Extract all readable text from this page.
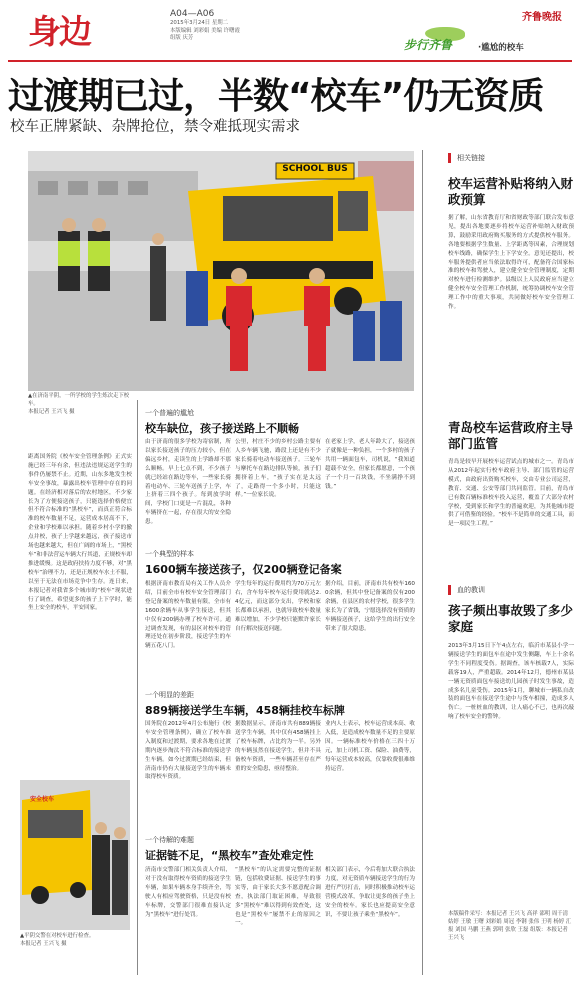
身边	A04—A06
2015年3月24日 星期二
本版编辑 刘彩娟 美编 许曙霞
组版 庆芳
齐鲁晚报
步行齐鲁	·尴尬的校车
过渡期已过，半数“校车”仍无资质
校车正牌紧缺、杂牌抢位，禁令难抵现实需求
SCHOOL BUS
▲在济南平阴，一所学校的学生炼次走下校车。
本报记者 王兴飞 摄
距离国务院《校车安全管理条例》正式实施已经三年有余，但违法违规运送学生的事件仍屡禁不止。近期，山东多地发生校车安全事故，暴露出校车管理中存在的问题。在经济相对落后的农村地区，不少家长为了方便接送孩子，只能选择价格便宜但不符合标准的“黑校车”，而真正符合标准的校车数量不足，运营成本居高不下，企业和学校难以承担。随着乡村小学的撤点并校，孩子上学越来越远，孩子接送市场也越来越大，但在广阔的市场上，“黑校车”和非法营运车辆大行其道，正规校车却推进缓慢。这是政府扶持力度不够，对“黑校车”治理不力，还是正规校车水土不服，以至于无法在市场竞争中生存。连日来，本报记者对我省多个城市的“校车”现状进行了调查，希望更多的孩子上下学时，能坐上安全的校车，平安回家。
安全校车
▲平阴交警在对校车进行检查。
本报记者 王兴飞 摄
一个普遍的尴尬
校车缺位，孩子接送路上不顺畅
由于济南的很多学校为寄宿制，所以家长接送孩子的压力较小，但在偏远乡村，走读生的上学路却不那么顺畅。早上七点不到，不少孩子就已经站在路边等车，一些家长骑着电动车、三轮车送孩子上学，车上挤着三四个孩子。每到放学时间，学校门口更是一片混乱，各种车辆挤在一起，存在很大的安全隐患。
公里，村庄不少的乡村公路主要有人乡车辆飞驰，路段上还是有不少家长骑着电动车接送孩子。三轮车与摩托车在路边排队等候，孩子们拥挤着上车，“孩子实在是太远了，走路得一个多小时，只能这样。”一位家长说。
在老家上学，老人年龄大了，接送孩子就像是一种负担，一个多村的孩子共用一辆面包车，司机说，“我知道超载不安全，但家长都愿意，一个孩子一个月一百块钱，不坐满挣不到钱。”
一个典型的样本
1600辆车接送孩子，仅200辆登记备案
根据济南市教育局有关工作人员介绍，目前全市有校车安全管理部门登记备案的校车数量有限，全市有1600余辆车从事学生接送，但其中仅有200辆办理了校车许可。通过调查发现，有的县区对校车的管理还处在初步阶段，接送学生的车辆五花八门。
学生每年的运行费用约为70万元左右，含车每年校车运行费用就达2.4亿元，而这部分支出，学校和家长都难以承担，也就导致校车数量难以增加，不少学校只能默许家长自行解决接送问题。
据介绍，目前，济南市共有校车1600余辆，但其中登记备案的仅有200余辆，在县区的农村学校，很多学生家长为了省钱，宁愿选择没有资质的车辆接送孩子，这给学生的出行安全带来了很大隐患。
一个明显的差距
889辆接送学生车辆，458辆挂校车标牌
国务院在2012年4月公布施行《校车安全管理条例》，确立了校车准入制度和过渡期，要求各地在过渡期内逐步淘汰不符合标准的接送学生车辆。如今过渡期已经结束，但济南市仍有大量接送学生的车辆未取得校车资质。
据数据显示，济南市共有889辆接送学生车辆，其中仅有458辆挂上了校车标牌，占比约为一半。另外的车辆虽然在接送学生，但并不具备校车资质，一些车辆甚至存在严重的安全隐患，亟待整治。
业内人士表示，校车运营成本高、收入低，是造成校车数量不足的主要原因。一辆标准校车价格在三四十万元，加上司机工资、保险、油费等，每年运营成本较高，仅靠收费很难维持运营。
一个待解的难题
证据链不足，“黑校车”查处难定性
济南市交警部门相关负责人介绍，对于没有取得校车资质的接送学生车辆，如果车辆本身手续齐全，驾驶人有相应驾驶资格，只是没有校车标牌，交警部门很难直接认定为“黑校车”进行处罚。
“黑校车”的认定需要完整的证据链，包括收费证据、接送学生的事实等，由于家长大多不愿意配合调查，执法部门取证困难，导致很多“黑校车”难以得到有效查处，这也是“黑校车”屡禁不止的原因之一。
相关部门表示，今后将加大联合执法力度，对无资质车辆接送学生的行为进行严厉打击，同时积极推动校车运营模式改革，争取让更多的孩子坐上安全的校车。家长也应提高安全意识，不要让孩子乘坐“黑校车”。
相关链接
校车运营补贴将纳入财政预算
据了解，山东省教育厅和省财政等部门联合发布意见，提出各地要逐步将校车运营补贴纳入财政预算，鼓励采用政府购买服务的方式提供校车服务。各地要根据学生数量、上学距离等因素，合理规划校车线路，确保学生上下学安全。意见还提出，校车服务提供者应当依法取得许可，配备符合国家标准的校车和驾驶人，建立健全安全管理制度，定期对校车进行检测维护。县级以上人民政府应当建立健全校车安全管理工作机制，统筹协调校车安全管理工作中的重大事项，共同做好校车安全管理工作。
青岛校车运营政府主导部门监管
青岛是较早开展校车运营试点的城市之一。青岛市从2012年起实行校车政府主导、部门监管的运营模式，由政府出资购买校车，交由专业公司运营，教育、交通、公安等部门共同监管。目前，青岛市已有数百辆标准校车投入运营，覆盖了大部分农村学校，受到家长和学生的普遍欢迎，为其他城市提供了可借鉴的经验。“校车不是简单的交通工具，而是一项民生工程。”
血的教训
孩子频出事故毁了多少家庭
2013年3月15日下午4点左右，临沂市某县小学一辆接送学生的面包车在途中发生侧翻，车上十余名学生不同程度受伤。据调查，该车核载7人，实际载客19人，严重超载。2014年12月，德州市某县一辆无资质面包车接送幼儿园孩子时发生事故，造成多名儿童受伤。2015年1月，聊城市一辆私自改装的面包车在接送学生途中与货车相撞，造成多人伤亡。一桩桩血的教训，让人痛心不已，也再次敲响了校车安全的警钟。
本版稿件采写：本报记者 王兴飞 高祥 邵明 周千清 姑婷 王敏 王曙 刘彩娟 周冠 李钢 张伟 王明 杨婷 汇报 刘国 马鹏 王燕 郭明 张欣 王磊 组版：本报记者 王兴飞
